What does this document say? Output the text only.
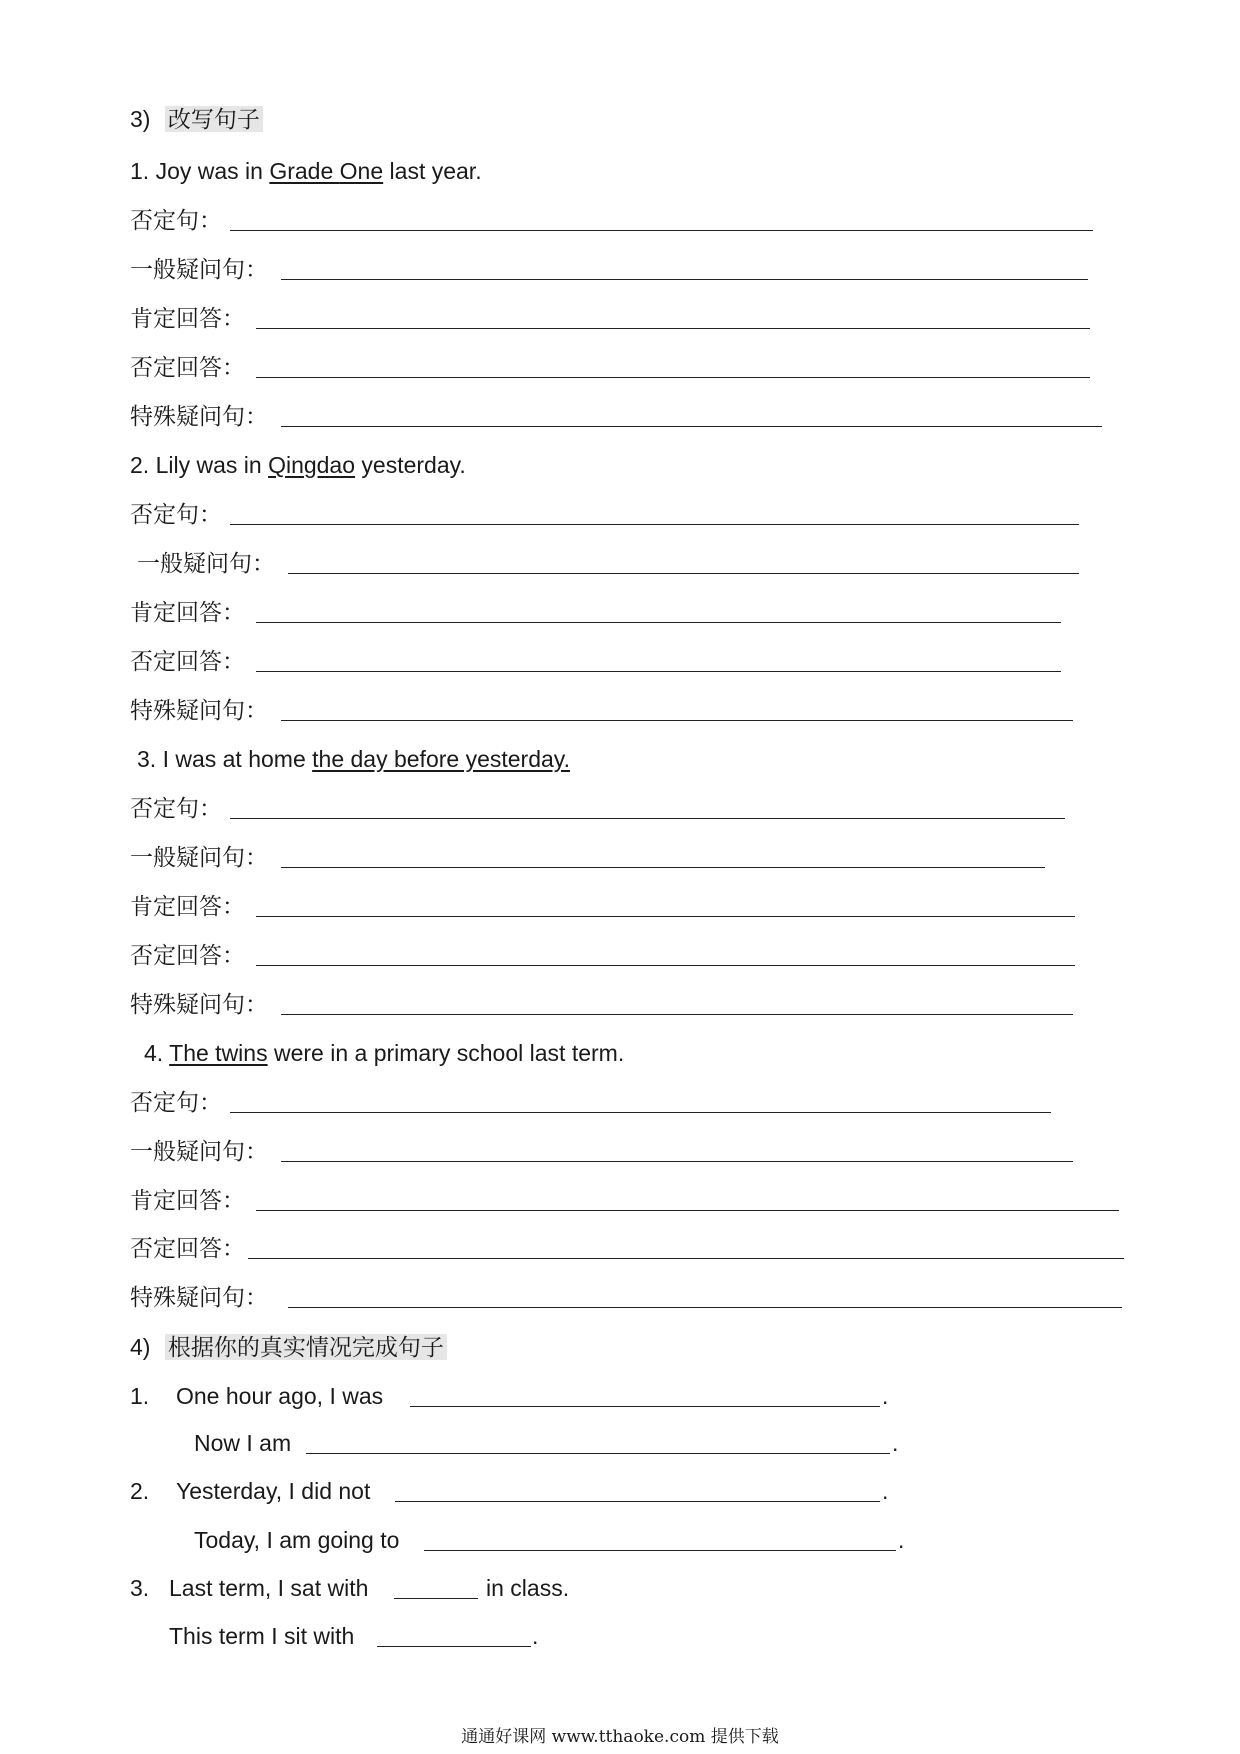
3) 改写句子
1. Joy was in Grade One last year.
否定句：
一般疑问句：
肯定回答：
否定回答：
特殊疑问句：
2. Lily was in Qingdao yesterday.
否定句：
一般疑问句：
肯定回答：
否定回答：
特殊疑问句：
3. I was at home the day before yesterday.
否定句：
一般疑问句：
肯定回答：
否定回答：
特殊疑问句：
4. The twins were in a primary school last term.
否定句：
一般疑问句：
肯定回答：
否定回答：
特殊疑问句：
4) 根据你的真实情况完成句子
1. One hour ago, I was	.
Now I am	.
2. Yesterday, I did not	.
Today, I am going to	.
3. Last term, I sat with	in class.
This term I sit with	.
通通好课网 www.tthaoke.com 提供下载
